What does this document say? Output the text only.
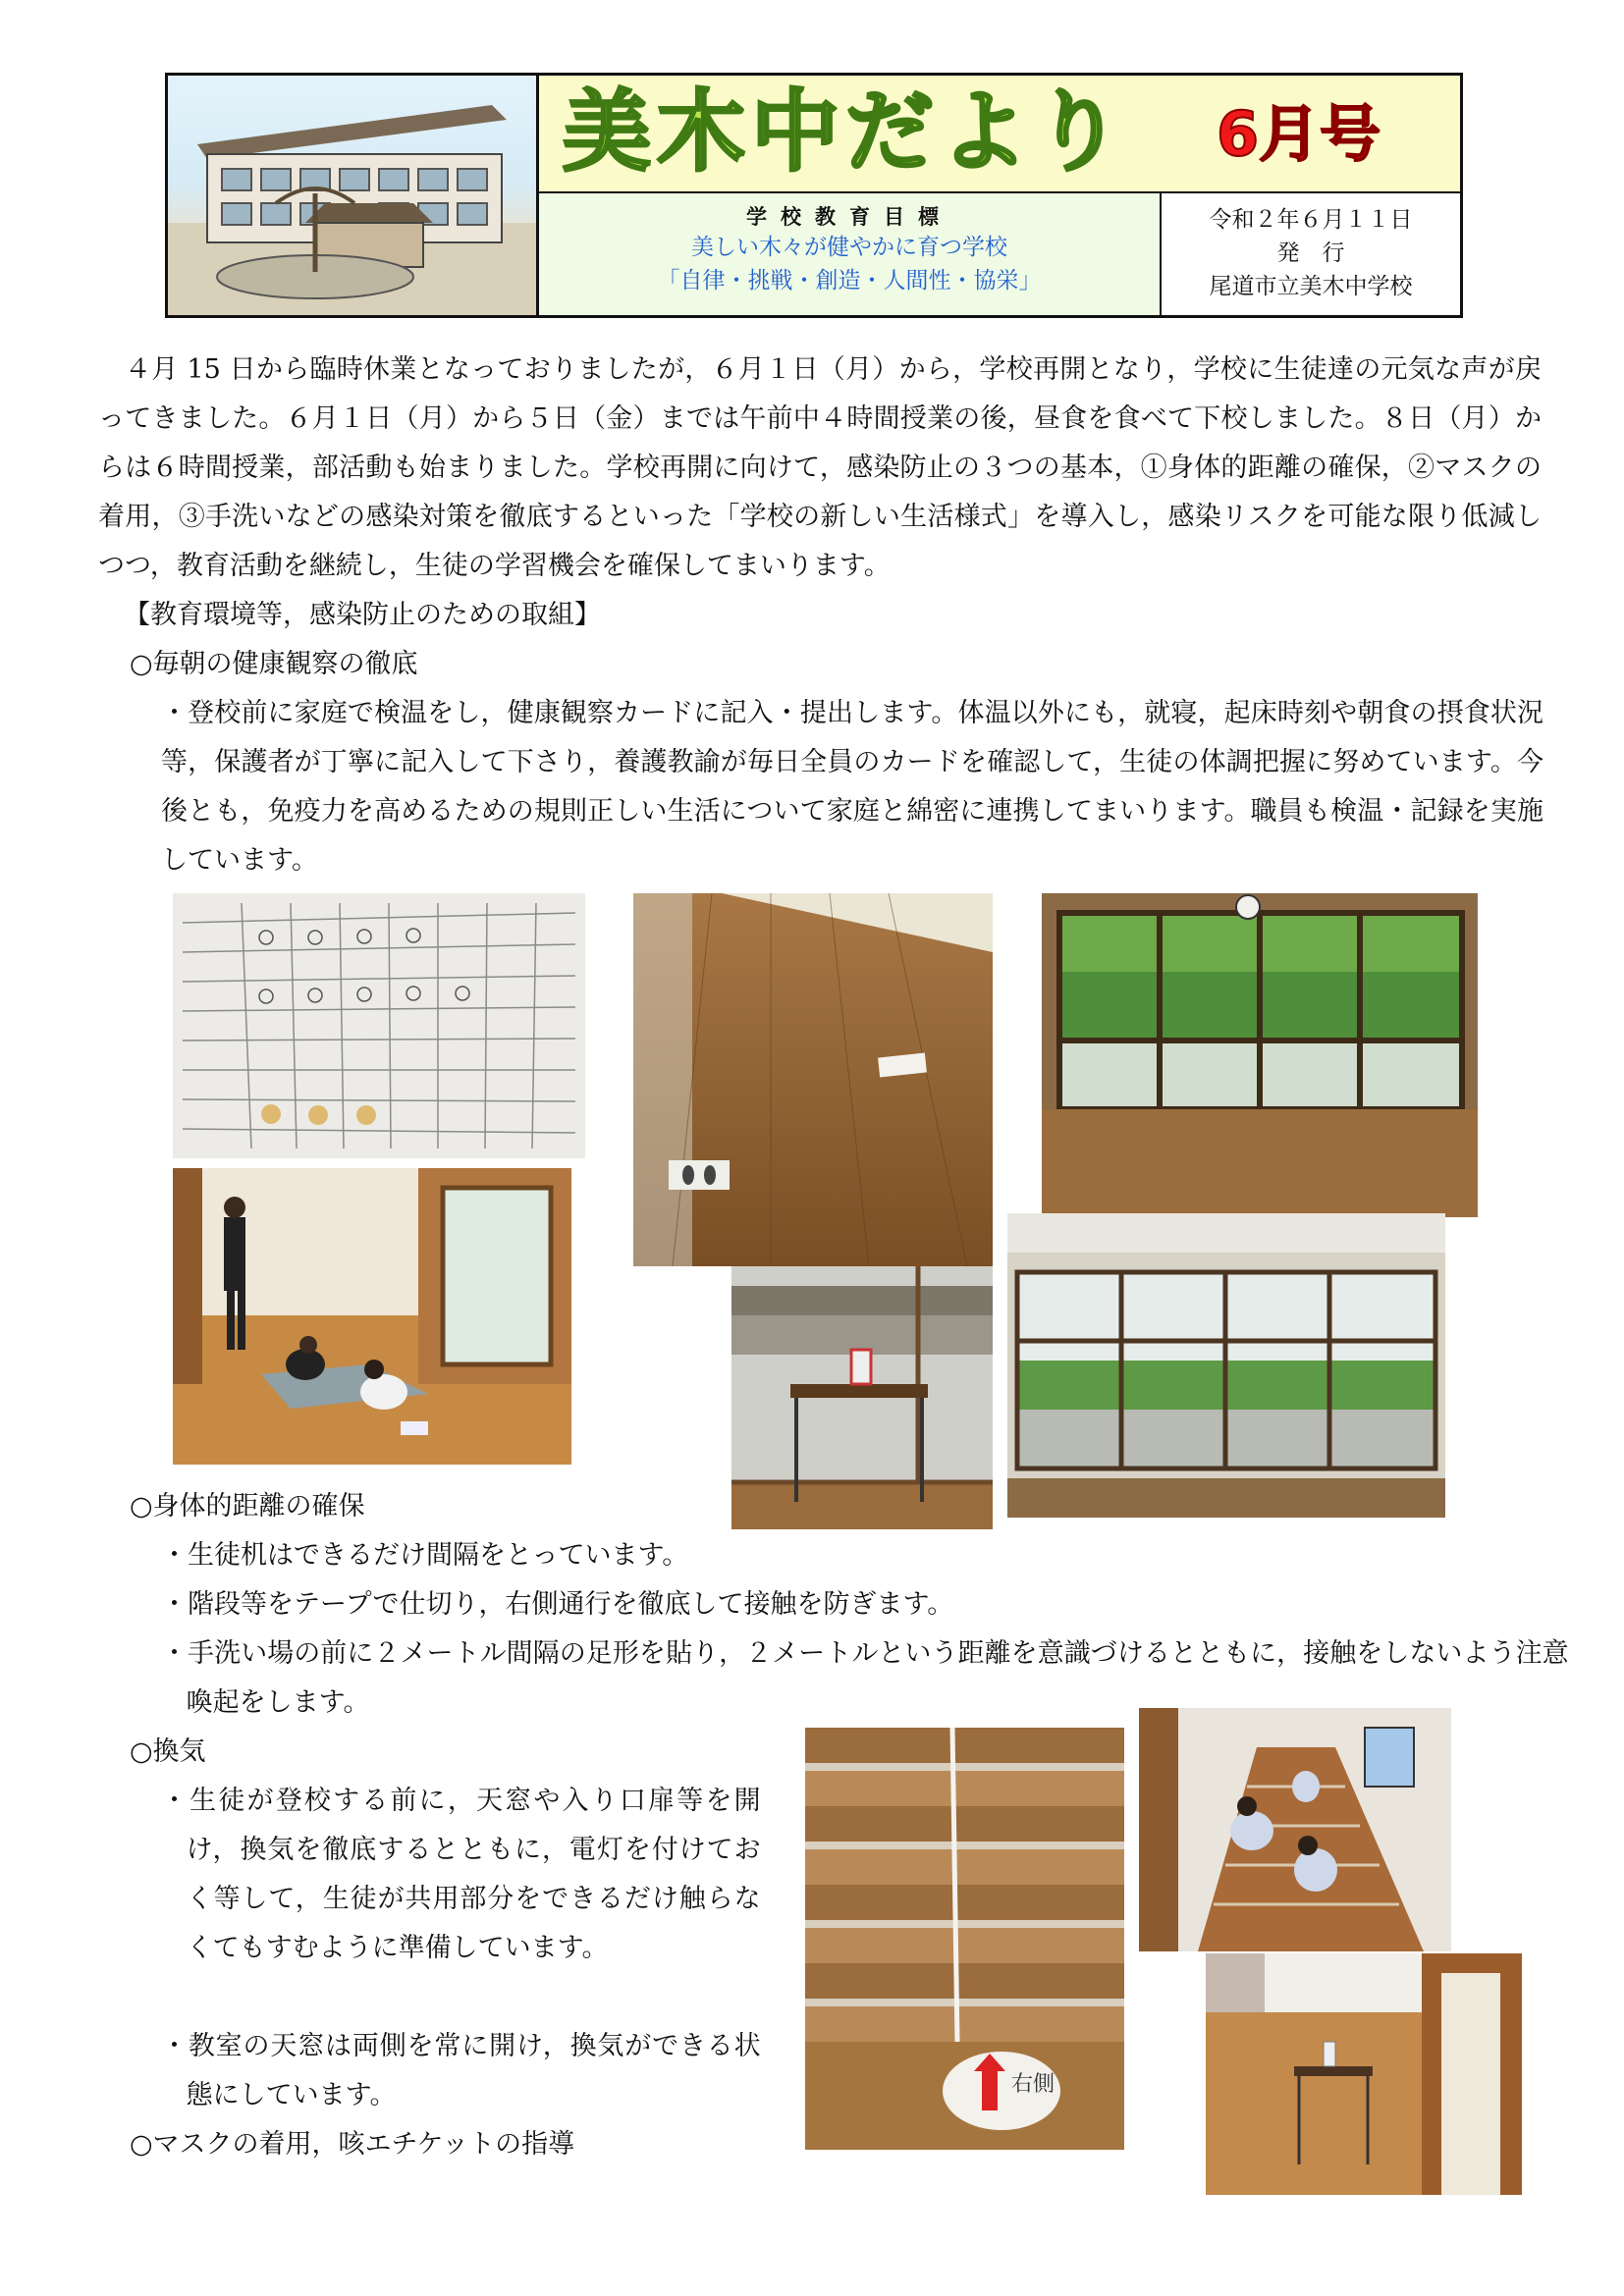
美木中だより 6月号
学校教育目標
美しい木々が健やかに育つ学校
「自律・挑戦・創造・人間性・協栄」
令和２年６月１１日
発　行
尾道市立美木中学校

４月 15 日から臨時休業となっておりましたが，６月１日（月）から，学校再開となり，学校に生徒達の元気な声が戻ってきました。６月１日（月）から５日（金）までは午前中４時間授業の後，昼食を食べて下校しました。８日（月）からは６時間授業，部活動も始まりました。学校再開に向けて，感染防止の３つの基本，①身体的距離の確保，②マスクの着用，③手洗いなどの感染対策を徹底するといった「学校の新しい生活様式」を導入し，感染リスクを可能な限り低減しつつ，教育活動を継続し，生徒の学習機会を確保してまいります。

【教育環境等，感染防止のための取組】
○毎朝の健康観察の徹底

・登校前に家庭で検温をし，健康観察カードに記入・提出します。体温以外にも，就寝，起床時刻や朝食の摂食状況等，保護者が丁寧に記入して下さり，養護教諭が毎日全員のカードを確認して，生徒の体調把握に努めています。今後とも，免疫力を高めるための規則正しい生活について家庭と綿密に連携してまいります。職員も検温・記録を実施しています。

○身体的距離の確保
・生徒机はできるだけ間隔をとっています。
・階段等をテープで仕切り，右側通行を徹底して接触を防ぎます。
・手洗い場の前に２メートル間隔の足形を貼り，２メートルという距離を意識づけるとともに，接触をしないよう注意喚起をします。
○換気
・生徒が登校する前に，天窓や入り口扉等を開け，換気を徹底するとともに，電灯を付けておく等して，生徒が共用部分をできるだけ触らなくてもすむように準備しています。
・教室の天窓は両側を常に開け，換気ができる状態にしています。
○マスクの着用，咳エチケットの指導
右側
